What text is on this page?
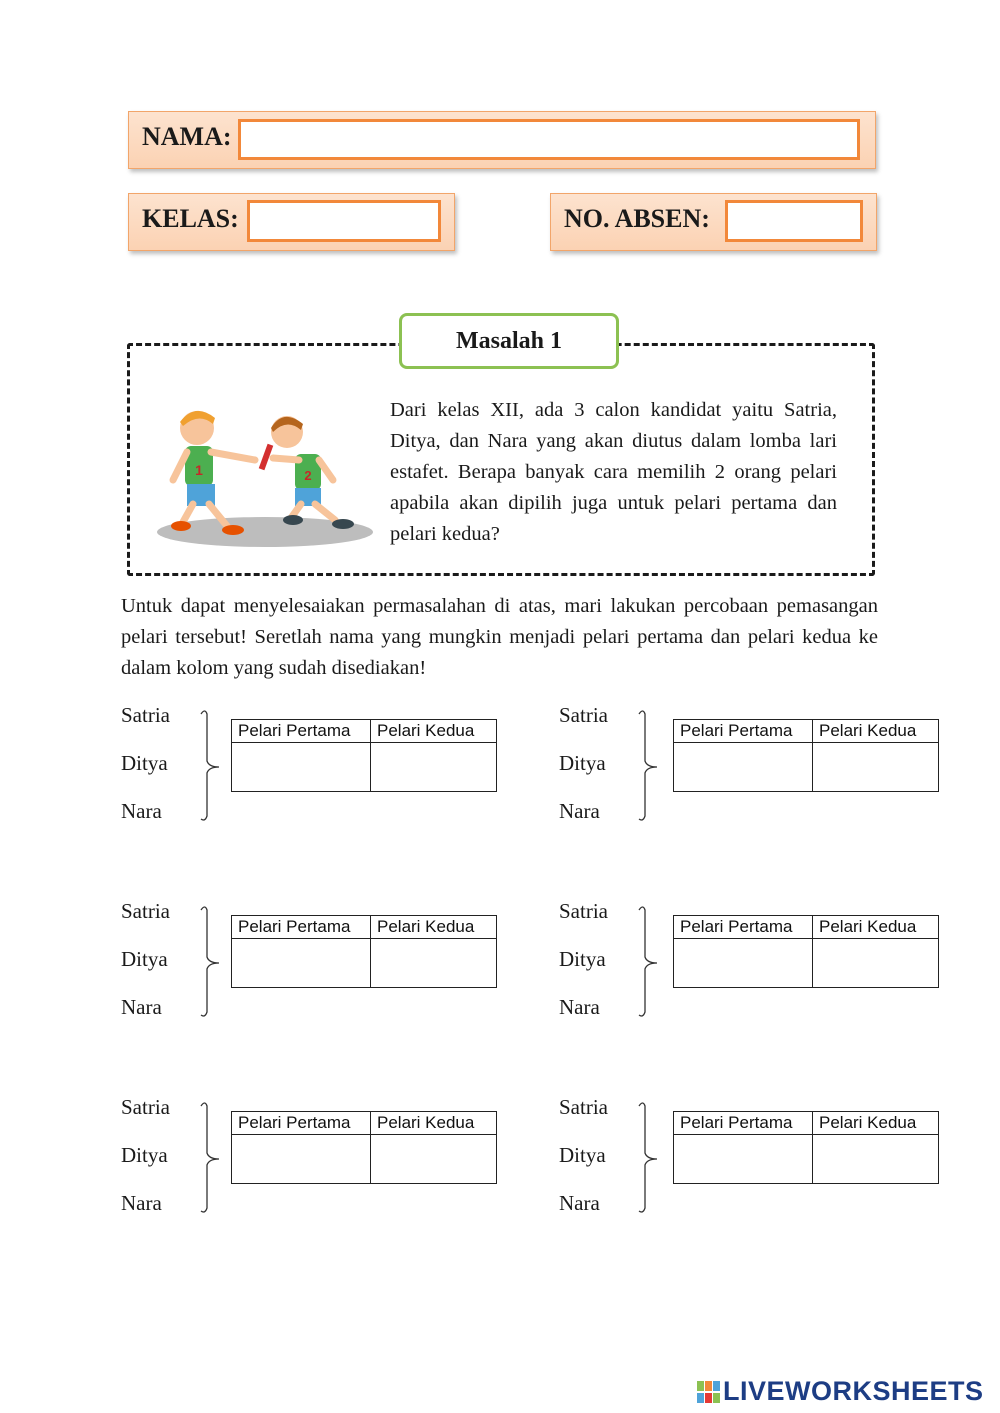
NAMA:
KELAS:	NO. ABSEN:
Masalah 1
1	2
Dari kelas XII, ada 3 calon kandidat yaitu Satria, Ditya, dan Nara yang akan diutus dalam lomba lari estafet. Berapa banyak cara memilih 2 orang pelari apabila akan dipilih juga untuk pelari pertama dan pelari kedua?
Untuk dapat menyelesaiakan permasalahan di atas, mari lakukan percobaan pemasangan pelari tersebut! Seretlah nama yang mungkin menjadi pelari pertama dan pelari kedua ke dalam kolom yang sudah disediakan!
Satria
Ditya
Nara
Pelari Pertama	Pelari Kedua

Satria
Ditya
Nara
Pelari Pertama	Pelari Kedua

Satria
Ditya
Nara
Pelari Pertama	Pelari Kedua

Satria
Ditya
Nara
Pelari Pertama	Pelari Kedua

Satria
Ditya
Nara
Pelari Pertama	Pelari Kedua

Satria
Ditya
Nara
Pelari Pertama	Pelari Kedua

LIVEWORKSHEETS
